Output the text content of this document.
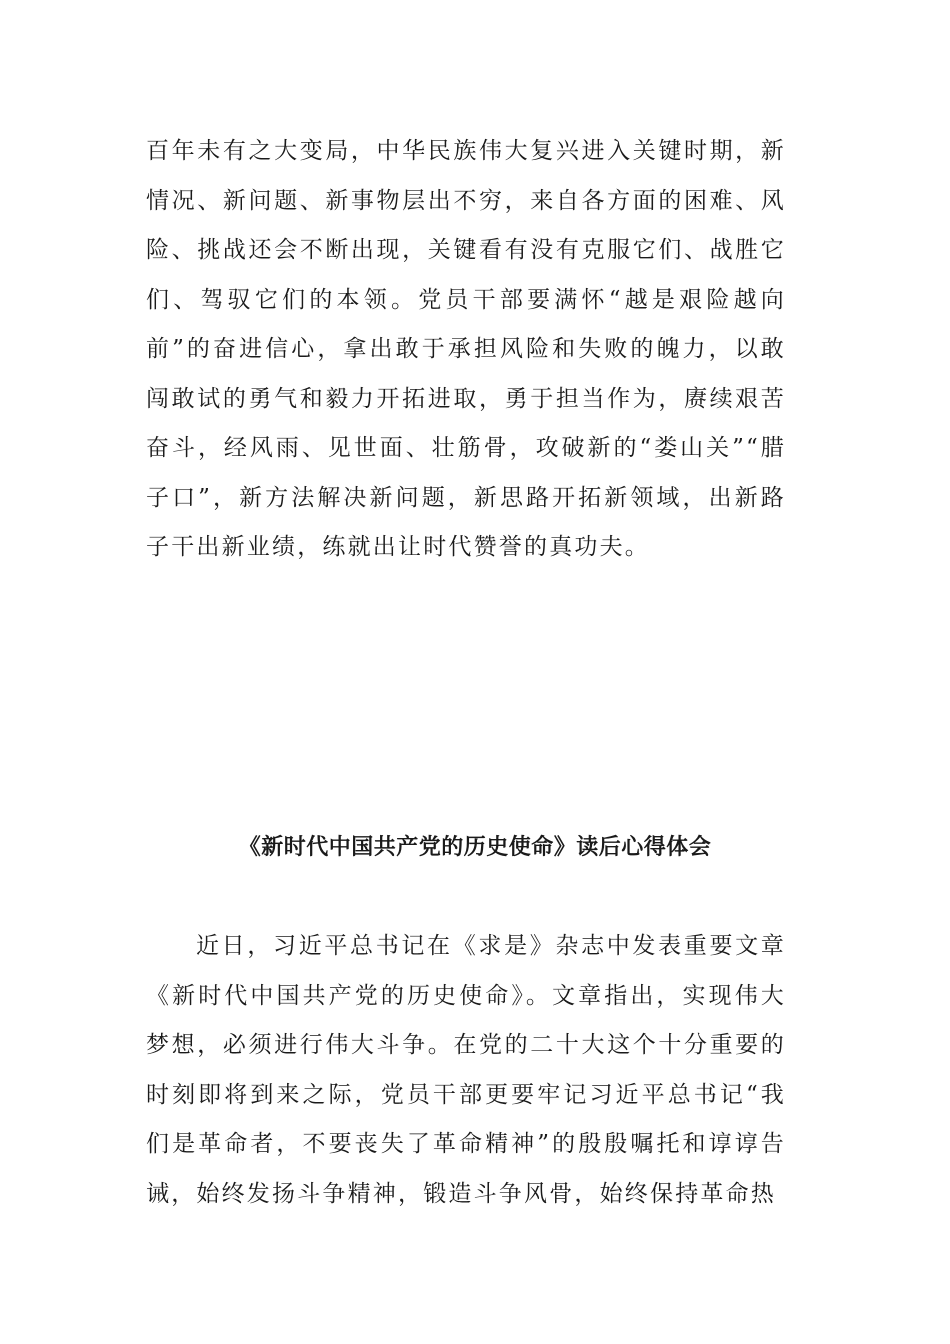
百年未有之大变局，中华民族伟大复兴进入关键时期，新情况、新问题、新事物层出不穷，来自各方面的困难、风险、挑战还会不断出现，关键看有没有克服它们、战胜它们、驾驭它们的本领。党员干部要满怀“越是艰险越向前”的奋进信心，拿出敢于承担风险和失败的魄力，以敢闯敢试的勇气和毅力开拓进取，勇于担当作为，赓续艰苦奋斗，经风雨、见世面、壮筋骨，攻破新的“娄山关”“腊子口”，新方法解决新问题，新思路开拓新领域，出新路子干出新业绩，练就出让时代赞誉的真功夫。

《新时代中国共产党的历史使命》读后心得体会

近日，习近平总书记在《求是》杂志中发表重要文章《新时代中国共产党的历史使命》。文章指出，实现伟大梦想，必须进行伟大斗争。在党的二十大这个十分重要的时刻即将到来之际，党员干部更要牢记习近平总书记“我们是革命者，不要丧失了革命精神”的殷殷嘱托和谆谆告诫，始终发扬斗争精神，锻造斗争风骨，始终保持革命热
